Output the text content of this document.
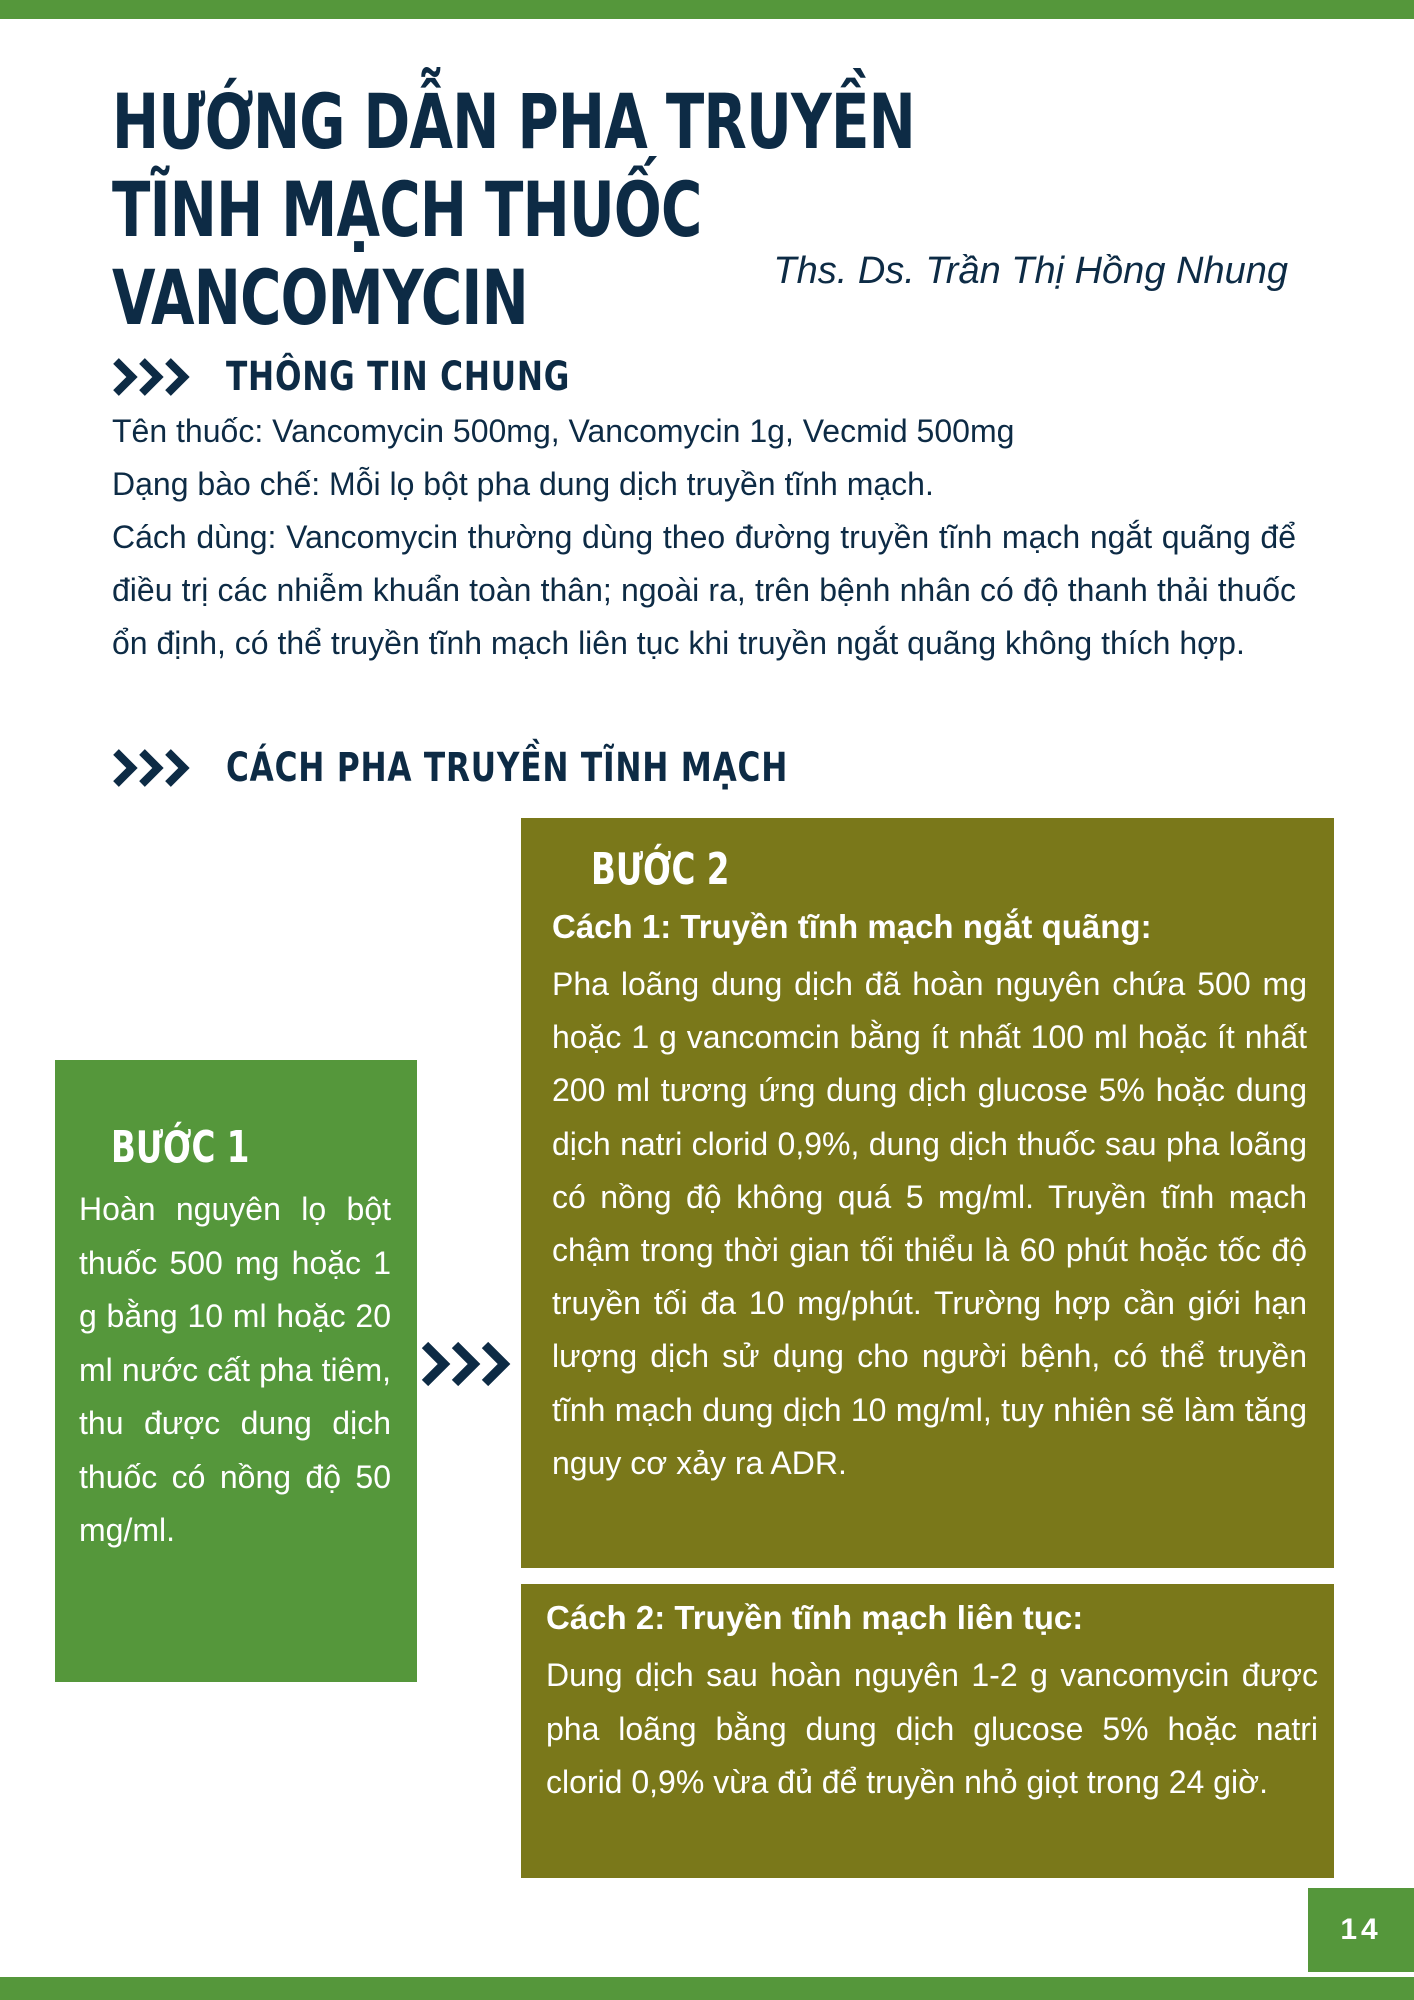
HƯỚNG DẪN PHA TRUYỀN TĨNH MẠCH THUỐC
VANCOMYCIN	Ths. Ds. Trần Thị Hồng Nhung
THÔNG TIN CHUNG

Tên thuốc: Vancomycin 500mg, Vancomycin 1g, Vecmid 500mg

Dạng bào chế: Mỗi lọ bột pha dung dịch truyền tĩnh mạch.

Cách dùng: Vancomycin thường dùng theo đường truyền tĩnh mạch ngắt quãng để điều trị các nhiễm khuẩn toàn thân; ngoài ra, trên bệnh nhân có độ thanh thải thuốc ổn định, có thể truyền tĩnh mạch liên tục khi truyền ngắt quãng không thích hợp.

CÁCH PHA TRUYỀN TĨNH MẠCH
BƯỚC 1

Hoàn nguyên lọ bột thuốc 500 mg hoặc 1 g bằng 10 ml hoặc 20 ml nước cất pha tiêm, thu được dung dịch thuốc có nồng độ 50 mg/ml.

BƯỚC 2

Cách 1: Truyền tĩnh mạch ngắt quãng:

Pha loãng dung dịch đã hoàn nguyên chứa 500 mg hoặc 1 g vancomcin bằng ít nhất 100 ml hoặc ít nhất 200 ml tương ứng dung dịch glucose 5% hoặc dung dịch natri clorid 0,9%, dung dịch thuốc sau pha loãng có nồng độ không quá 5 mg/ml. Truyền tĩnh mạch chậm trong thời gian tối thiểu là 60 phút hoặc tốc độ truyền tối đa 10 mg/phút. Trường hợp cần giới hạn lượng dịch sử dụng cho người bệnh, có thể truyền tĩnh mạch dung dịch 10 mg/ml, tuy nhiên sẽ làm tăng nguy cơ xảy ra ADR.

Cách 2: Truyền tĩnh mạch liên tục:

Dung dịch sau hoàn nguyên 1-2 g vancomycin được pha loãng bằng dung dịch glucose 5% hoặc natri clorid 0,9% vừa đủ để truyền nhỏ giọt trong 24 giờ.

14
